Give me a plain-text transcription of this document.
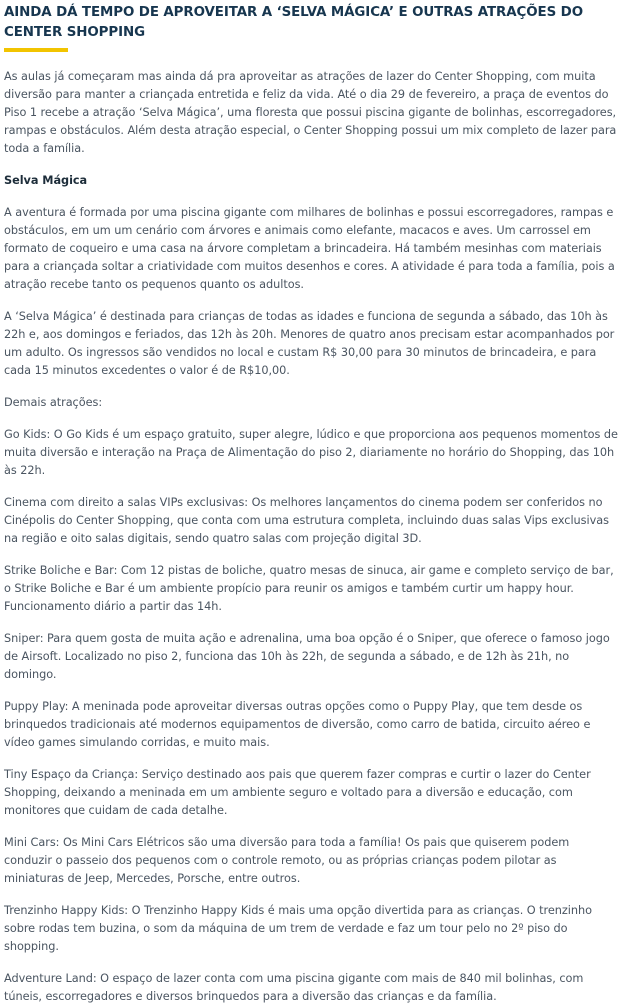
AINDA DÁ TEMPO DE APROVEITAR A ‘SELVA MÁGICA’ E OUTRAS ATRAÇÕES DO CENTER SHOPPING

As aulas já começaram mas ainda dá pra aproveitar as atrações de lazer do Center Shopping, com muita diversão para manter a criançada entretida e feliz da vida. Até o dia 29 de fevereiro, a praça de eventos do Piso 1 recebe a atração ‘Selva Mágica’, uma floresta que possui piscina gigante de bolinhas, escorregadores, rampas e obstáculos. Além desta atração especial, o Center Shopping possui um mix completo de lazer para toda a família.

Selva Mágica

A aventura é formada por uma piscina gigante com milhares de bolinhas e possui escorregadores, rampas e obstáculos, em um um cenário com árvores e animais como elefante, macacos e aves. Um carrossel em formato de coqueiro e uma casa na árvore completam a brincadeira. Há também mesinhas com materiais para a criançada soltar a criatividade com muitos desenhos e cores. A atividade é para toda a família, pois a atração recebe tanto os pequenos quanto os adultos.

A ‘Selva Mágica’ é destinada para crianças de todas as idades e funciona de segunda a sábado, das 10h às 22h e, aos domingos e feriados, das 12h às 20h. Menores de quatro anos precisam estar acompanhados por um adulto. Os ingressos são vendidos no local e custam R$ 30,00 para 30 minutos de brincadeira, e para cada 15 minutos excedentes o valor é de R$10,00.

Demais atrações:

Go Kids: O Go Kids é um espaço gratuito, super alegre, lúdico e que proporciona aos pequenos momentos de muita diversão e interação na Praça de Alimentação do piso 2, diariamente no horário do Shopping, das 10h às 22h.

Cinema com direito a salas VIPs exclusivas: Os melhores lançamentos do cinema podem ser conferidos no Cinépolis do Center Shopping, que conta com uma estrutura completa, incluindo duas salas Vips exclusivas na região e oito salas digitais, sendo quatro salas com projeção digital 3D.

Strike Boliche e Bar: Com 12 pistas de boliche, quatro mesas de sinuca, air game e completo serviço de bar, o Strike Boliche e Bar é um ambiente propício para reunir os amigos e também curtir um happy hour. Funcionamento diário a partir das 14h.

Sniper: Para quem gosta de muita ação e adrenalina, uma boa opção é o Sniper, que oferece o famoso jogo de Airsoft. Localizado no piso 2, funciona das 10h às 22h, de segunda a sábado, e de 12h às 21h, no domingo.

Puppy Play: A meninada pode aproveitar diversas outras opções como o Puppy Play, que tem desde os brinquedos tradicionais até modernos equipamentos de diversão, como carro de batida, circuito aéreo e vídeo games simulando corridas, e muito mais.

Tiny Espaço da Criança: Serviço destinado aos pais que querem fazer compras e curtir o lazer do Center Shopping, deixando a meninada em um ambiente seguro e voltado para a diversão e educação, com monitores que cuidam de cada detalhe.

Mini Cars: Os Mini Cars Elétricos são uma diversão para toda a família! Os pais que quiserem podem conduzir o passeio dos pequenos com o controle remoto, ou as próprias crianças podem pilotar as miniaturas de Jeep, Mercedes, Porsche, entre outros.

Trenzinho Happy Kids: O Trenzinho Happy Kids é mais uma opção divertida para as crianças. O trenzinho sobre rodas tem buzina, o som da máquina de um trem de verdade e faz um tour pelo no 2º piso do shopping.

Adventure Land: O espaço de lazer conta com uma piscina gigante com mais de 840 mil bolinhas, com túneis, escorregadores e diversos brinquedos para a diversão das crianças e da família.
